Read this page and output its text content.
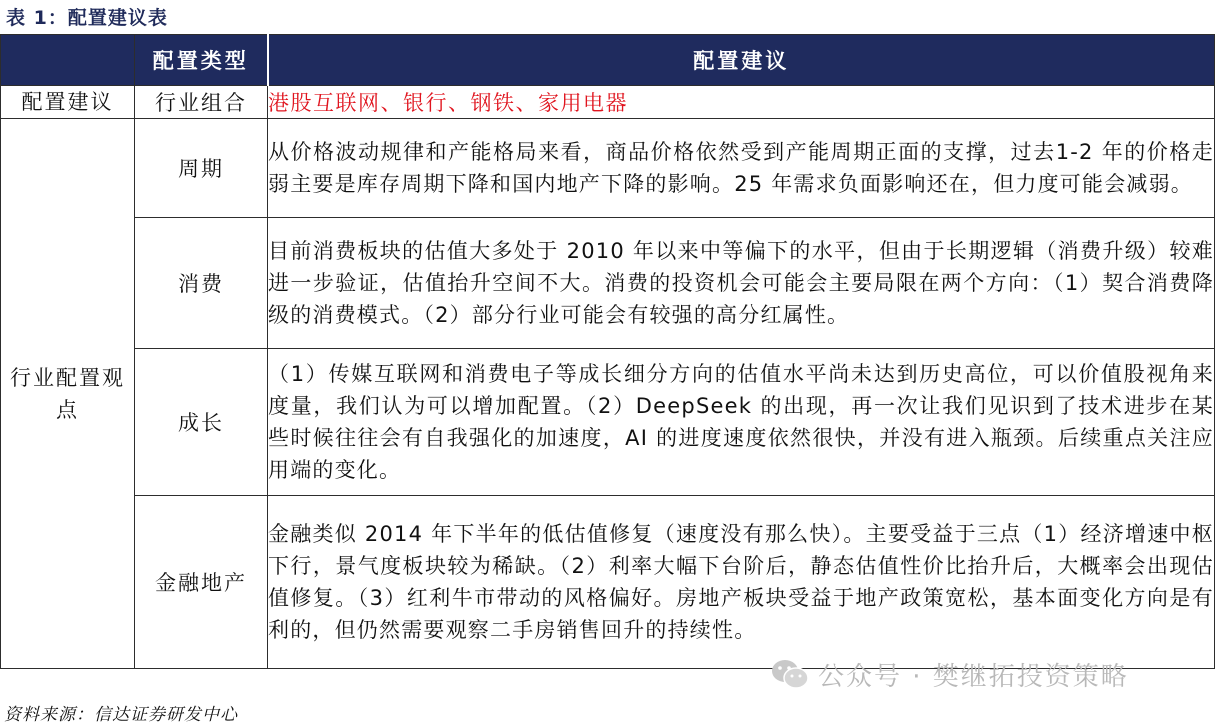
表 1：配置建议表
	配置类型	配置建议
配置建议	行业组合	港股互联网、银行、钢铁、家用电器
行业配置观点	周期	从价格波动规律和产能格局来看，商品价格依然受到产能周期正面的支撑，过去1-2 年的价格走弱主要是库存周期下降和国内地产下降的影响。25 年需求负面影响还在，但力度可能会减弱。
	消费	目前消费板块的估值大多处于 2010 年以来中等偏下的水平，但由于长期逻辑（消费升级）较难进一步验证，估值抬升空间不大。消费的投资机会可能会主要局限在两个方向：（1）契合消费降级的消费模式。（2）部分行业可能会有较强的高分红属性。
	成长	（1）传媒互联网和消费电子等成长细分方向的估值水平尚未达到历史高位，可以价值股视角来度量，我们认为可以增加配置。（2）DeepSeek 的出现，再一次让我们见识到了技术进步在某些时候往往会有自我强化的加速度，AI 的进度速度依然很快，并没有进入瓶颈。后续重点关注应用端的变化。
	金融地产	金融类似 2014 年下半年的低估值修复（速度没有那么快）。主要受益于三点（1）经济增速中枢下行，景气度板块较为稀缺。（2）利率大幅下台阶后，静态估值性价比抬升后，大概率会出现估值修复。（3）红利牛市带动的风格偏好。房地产板块受益于地产政策宽松，基本面变化方向是有利的，但仍然需要观察二手房销售回升的持续性。
公众号 · 樊继拓投资策略
资料来源：信达证券研发中心
